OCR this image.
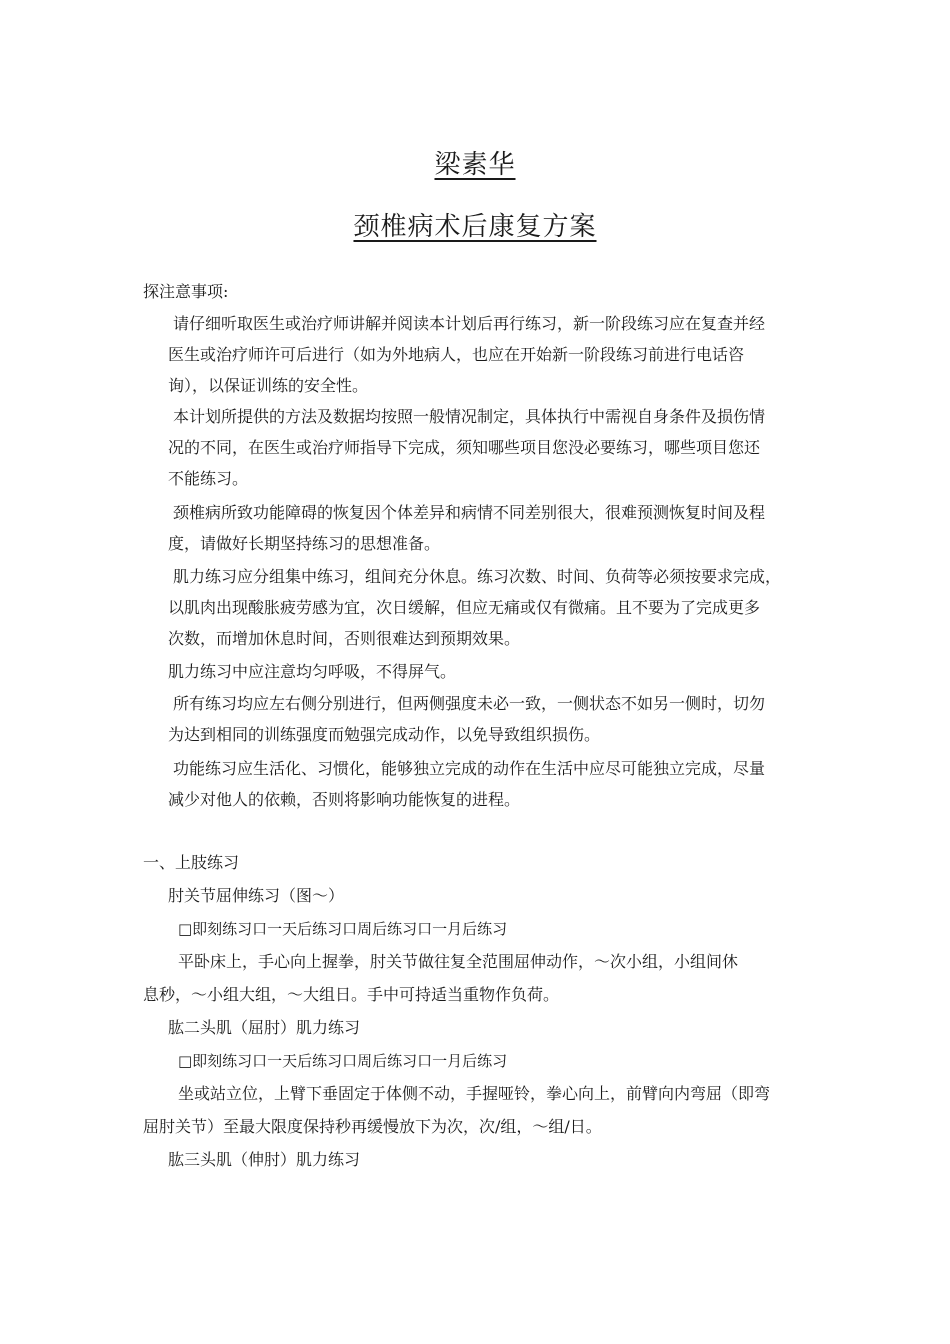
梁素华
颈椎病术后康复方案

探注意事项:

请仔细听取医生或治疗师讲解并阅读本计划后再行练习，新一阶段练习应在复查并经

医生或治疗师许可后进行（如为外地病人，也应在开始新一阶段练习前进行电话咨

询），以保证训练的安全性。

本计划所提供的方法及数据均按照一般情况制定，具体执行中需视自身条件及损伤情

况的不同，在医生或治疗师指导下完成，须知哪些项目您没必要练习，哪些项目您还

不能练习。

颈椎病所致功能障碍的恢复因个体差异和病情不同差别很大，很难预测恢复时间及程

度，请做好长期坚持练习的思想准备。

肌力练习应分组集中练习，组间充分休息。练习次数、时间、负荷等必须按要求完成，

以肌肉出现酸胀疲劳感为宜，次日缓解，但应无痛或仅有微痛。且不要为了完成更多

次数，而增加休息时间，否则很难达到预期效果。

肌力练习中应注意均匀呼吸，不得屏气。

所有练习均应左右侧分别进行，但两侧强度未必一致，一侧状态不如另一侧时，切勿

为达到相同的训练强度而勉强完成动作，以免导致组织损伤。

功能练习应生活化、习惯化，能够独立完成的动作在生活中应尽可能独立完成，尽量

减少对他人的依赖，否则将影响功能恢复的进程。

一、上肢练习

肘关节屈伸练习（图〜）

□即刻练习口一天后练习口周后练习口一月后练习

平卧床上，手心向上握拳，肘关节做往复全范围屈伸动作，〜次小组，小组间休

息秒，〜小组大组，〜大组日。手中可持适当重物作负荷。

肱二头肌（屈肘）肌力练习

□即刻练习口一天后练习口周后练习口一月后练习

坐或站立位，上臂下垂固定于体侧不动，手握哑铃，拳心向上，前臂向内弯屈（即弯

屈肘关节）至最大限度保持秒再缓慢放下为次，次/组，〜组/日。

肱三头肌（伸肘）肌力练习
